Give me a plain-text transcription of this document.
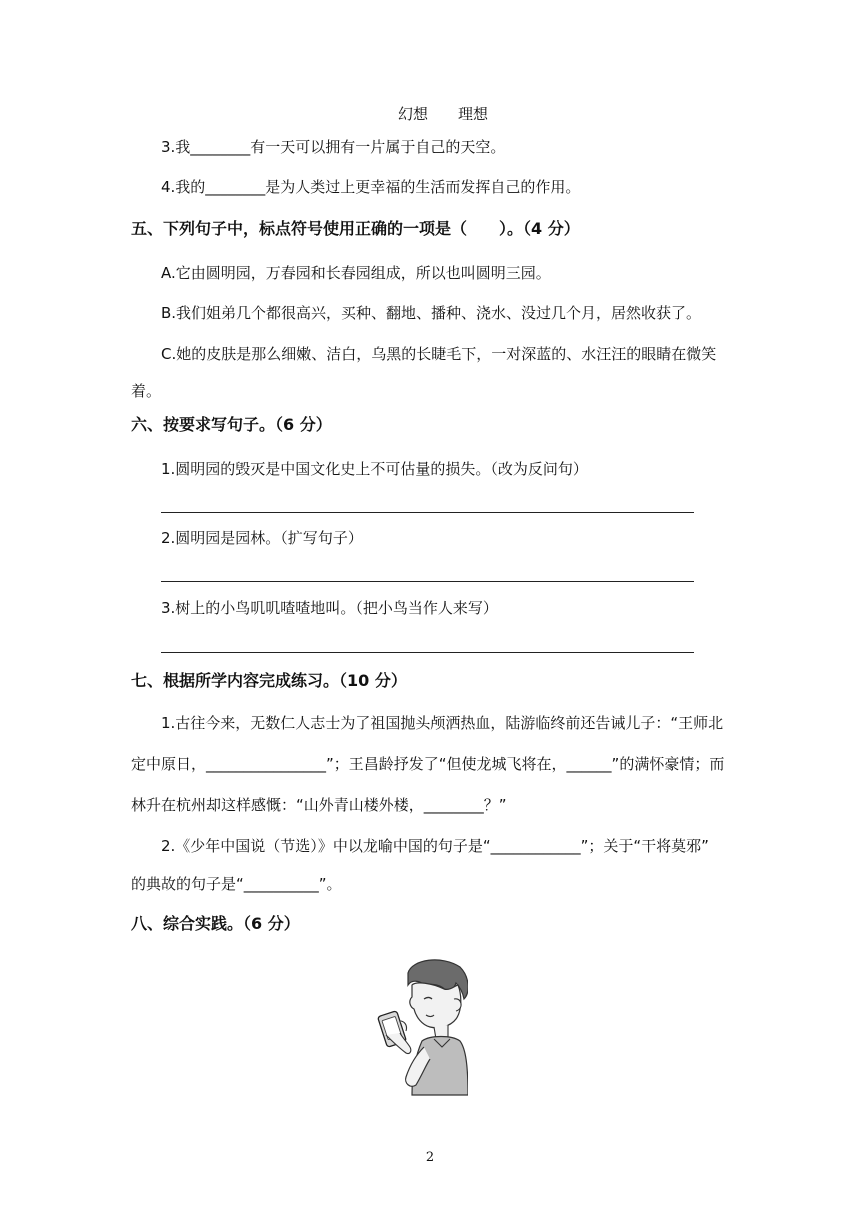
幻想　　理想
3.我________有一天可以拥有一片属于自己的天空。
4.我的________是为人类过上更幸福的生活而发挥自己的作用。
五、下列句子中，标点符号使用正确的一项是（　　）。（4 分）
A.它由圆明园，万春园和长春园组成，所以也叫圆明三园。
B.我们姐弟几个都很高兴，买种、翻地、播种、浇水、没过几个月，居然收获了。
C.她的皮肤是那么细嫩、洁白，乌黑的长睫毛下，一对深蓝的、水汪汪的眼睛在微笑
着。
六、按要求写句子。（6 分）
1.圆明园的毁灭是中国文化史上不可估量的损失。（改为反问句）
2.圆明园是园林。（扩写句子）
3.树上的小鸟叽叽喳喳地叫。（把小鸟当作人来写）
七、根据所学内容完成练习。（10 分）
1.古往今来，无数仁人志士为了祖国抛头颅洒热血，陆游临终前还告诫儿子：“王师北
定中原日，________________”；王昌龄抒发了“但使龙城飞将在，______”的满怀豪情；而
林升在杭州却这样感慨：“山外青山楼外楼，________？”
2.《少年中国说（节选）》中以龙喻中国的句子是“____________”；关于“干将莫邪”
的典故的句子是“__________”。
八、综合实践。（6 分）
2
